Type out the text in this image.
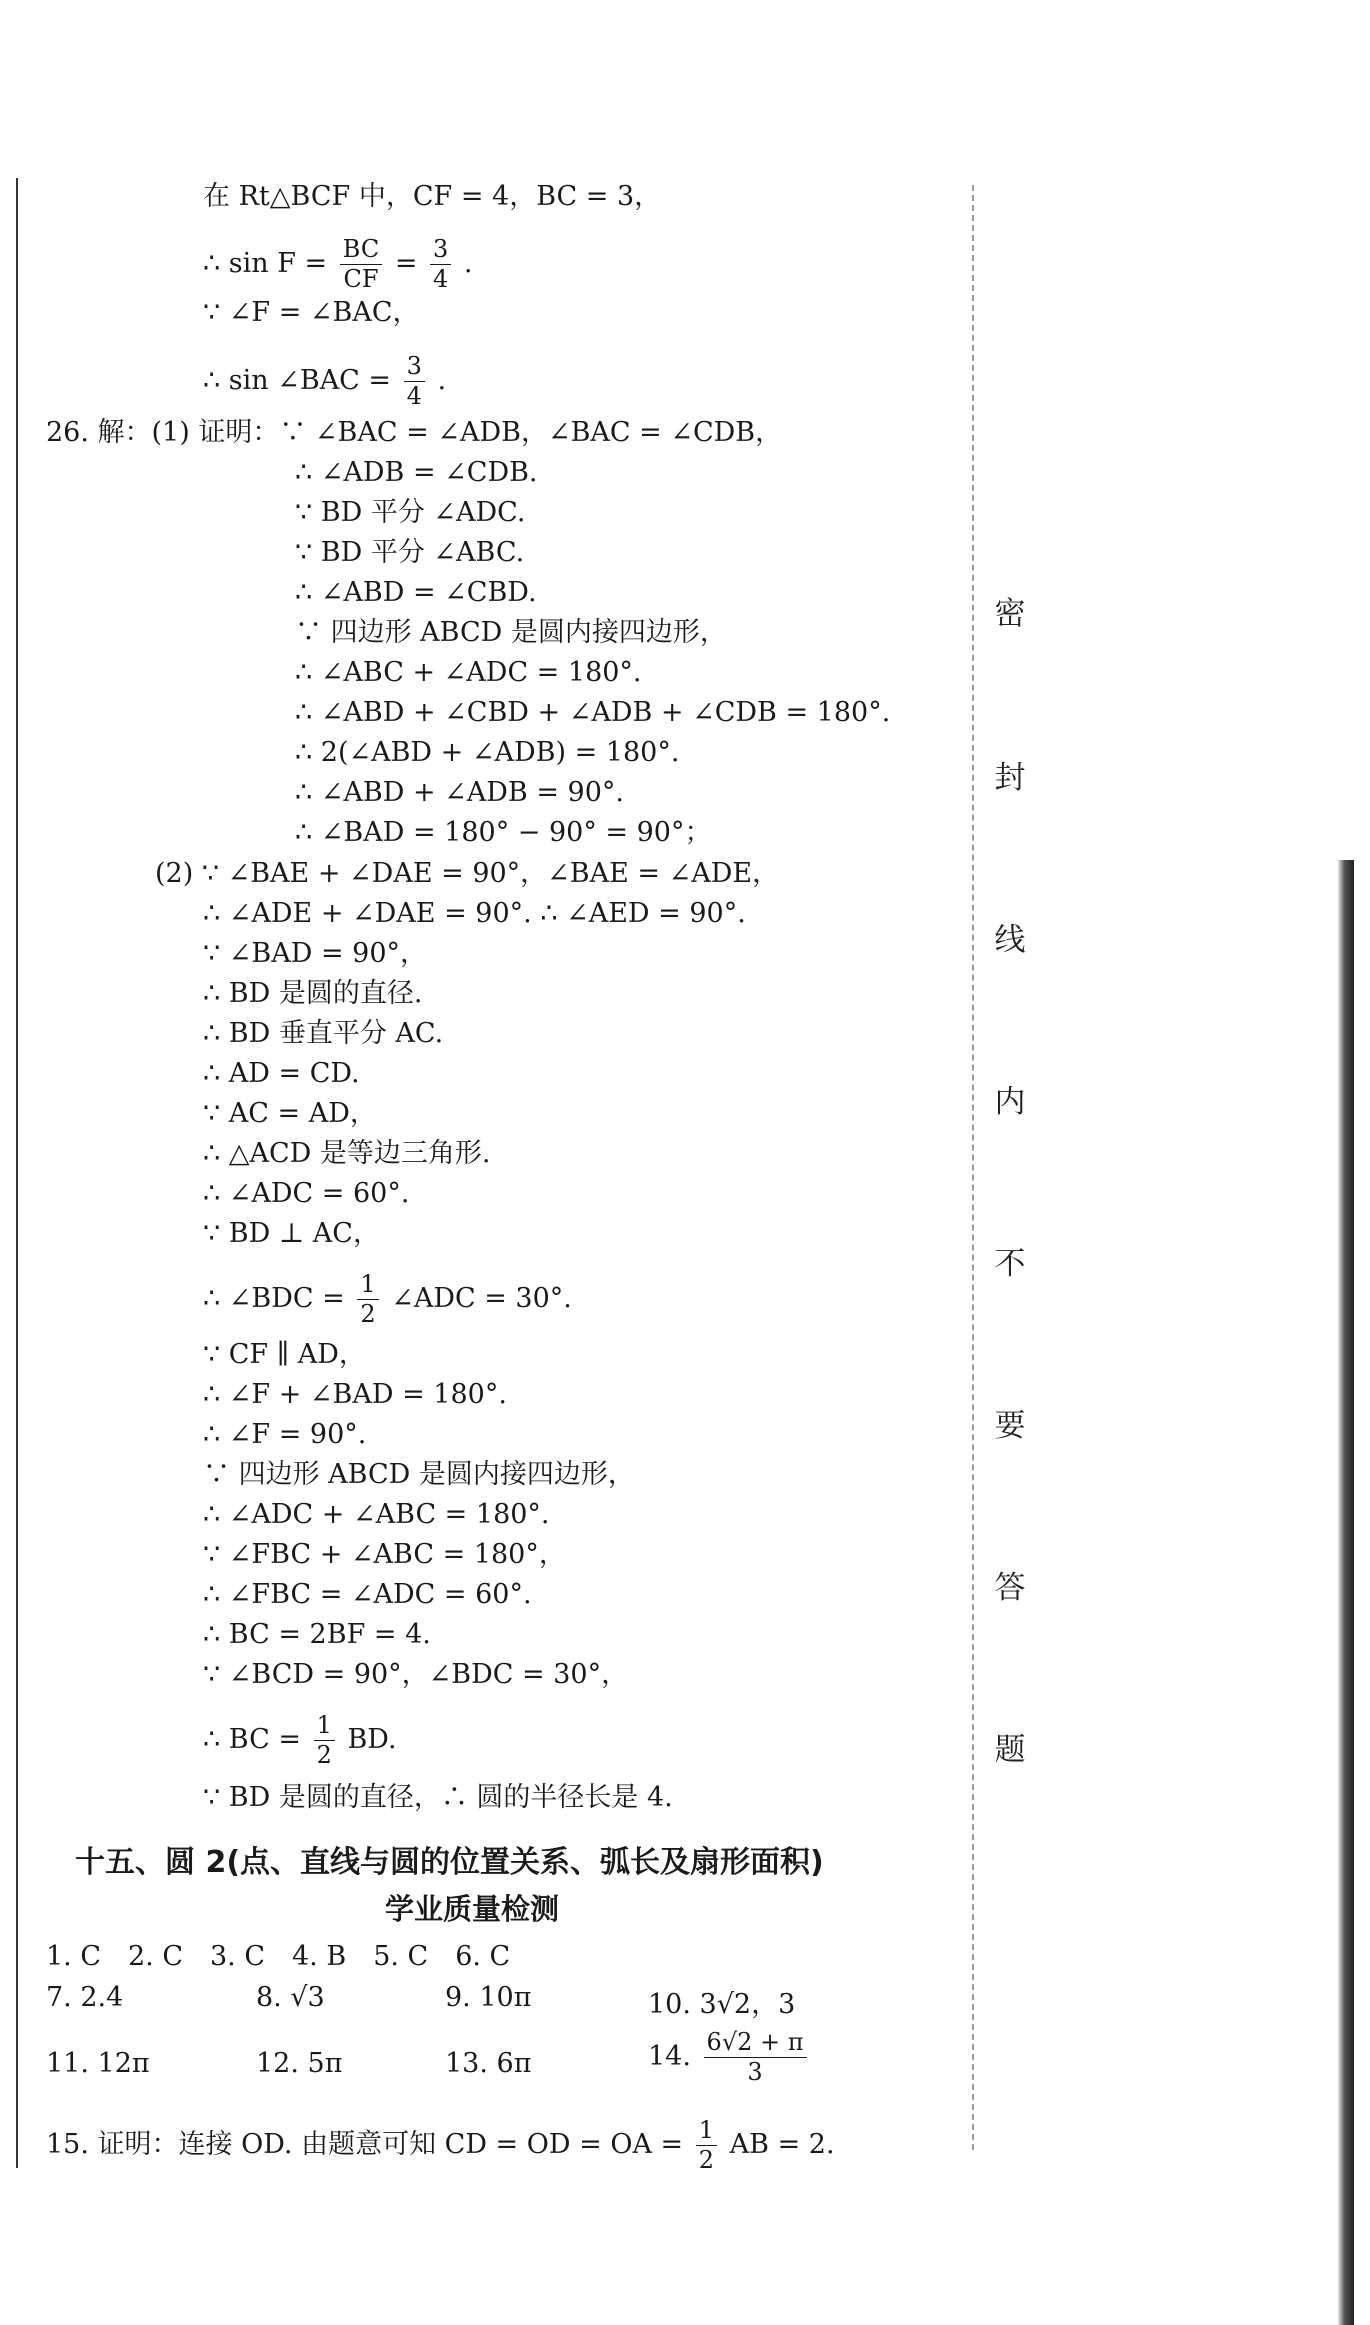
密
封
线
内
不
要
答
题
在 Rt△BCF 中，CF = 4，BC = 3，
∴ $\sin F = \frac{BC}{CF} = \frac{3}{4}$ .
∵ ∠F = ∠BAC，
∴ sin ∠BAC = $\frac{3}{4}$ .
26. 解：(1) 证明：∵ ∠BAC = ∠ADB，∠BAC = ∠CDB，
∴ ∠ADB = ∠CDB.
∵ BD 平分 ∠ADC.
∵ BD 平分 ∠ABC.
∴ ∠ABD = ∠CBD.
∵ 四边形 ABCD 是圆内接四边形，
∴ ∠ABC + ∠ADC = 180°.
∴ ∠ABD + ∠CBD + ∠ADB + ∠CDB = 180°.
∴ 2(∠ABD + ∠ADB) = 180°.
∴ ∠ABD + ∠ADB = 90°.
∴ ∠BAD = 180° − 90° = 90°；
(2) ∵ ∠BAE + ∠DAE = 90°，∠BAE = ∠ADE，
∴ ∠ADE + ∠DAE = 90°. ∴ ∠AED = 90°.
∵ ∠BAD = 90°，
∴ BD 是圆的直径.
∴ BD 垂直平分 AC.
∴ AD = CD.
∵ AC = AD，
∴ △ACD 是等边三角形.
∴ ∠ADC = 60°.
∵ BD ⊥ AC，
∴ ∠BDC = $\frac{1}{2}$ ∠ADC = 30°.
∵ CF ∥ AD，
∴ ∠F + ∠BAD = 180°.
∴ ∠F = 90°.
∵ 四边形 ABCD 是圆内接四边形，
∴ ∠ADC + ∠ABC = 180°.
∵ ∠FBC + ∠ABC = 180°，
∴ ∠FBC = ∠ADC = 60°.
∴ BC = 2BF = 4.
∵ ∠BCD = 90°，∠BDC = 30°，
∴ BC = $\frac{1}{2}$ BD.
∵ BD 是圆的直径，∴ 圆的半径长是 4.
十五、圆 2(点、直线与圆的位置关系、弧长及扇形面积)
学业质量检测
1. C　2. C　3. C　4. B　5. C　6. C
7. 2.4	8. √3	9. 10π	10. 3√2，3
11. 12π	12. 5π	13. 6π	14. $\frac{6√2 + \pi}{3}$
15. 证明：连接 OD. 由题意可知 CD = OD = OA = $\frac{1}{2}$ AB = 2.
